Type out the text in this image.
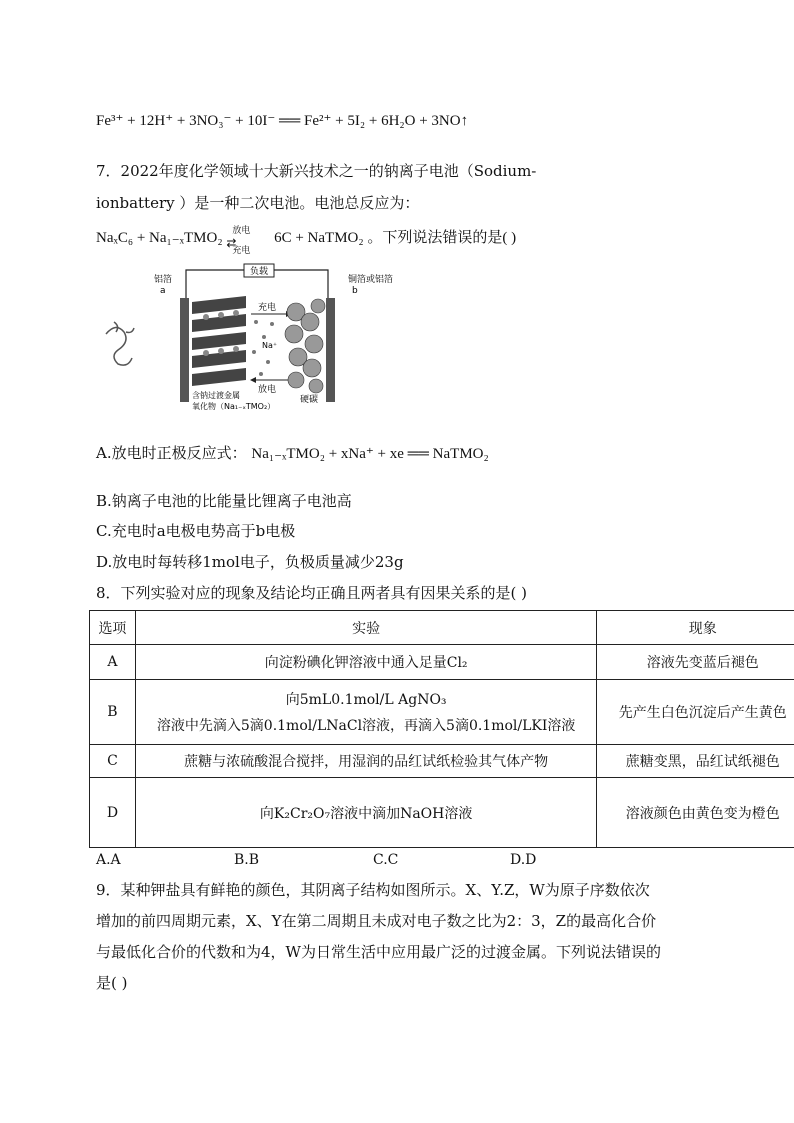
Fe³⁺ + 12H⁺ + 3NO₃⁻ + 10I⁻ ══ Fe²⁺ + 5I₂ + 6H₂O + 3NO↑
7．2022年度化学领域十大新兴技术之一的钠离子电池（Sodium-
ionbattery ）是一种二次电池。电池总反应为：
NaₓC₆ + Na₁₋ₓTMO₂ 放电
⇄
充电
6C + NaTMO₂ 。下列说法错误的是( )
负载
铝箔
a
铜箔或铝箔
b
Na⁺
充电
放电
含钠过渡金属
氧化物（Na₁₋ₓTMO₂）
硬碳
A.放电时正极反应式： Na₁₋ₓTMO₂ + xNa⁺ + xe ══ NaTMO₂
B.钠离子电池的比能量比锂离子电池高
C.充电时a电极电势高于b电极
D.放电时每转移1mol电子，负极质量减少23g
8．下列实验对应的现象及结论均正确且两者具有因果关系的是( )
选项	实验	现象
A	向淀粉碘化钾溶液中通入足量Cl₂	溶液先变蓝后褪色
B	向5mL0.1mol/L AgNO₃
溶液中先滴入5滴0.1mol/LNaCl溶液，再滴入5滴0.1mol/LKI溶液	先产生白色沉淀后产生黄色
C	蔗糖与浓硫酸混合搅拌，用湿润的品红试纸检验其气体产物	蔗糖变黑，品红试纸褪色
D	向K₂Cr₂O₇溶液中滴加NaOH溶液	溶液颜色由黄色变为橙色
A.A	B.B	C.C	D.D
9．某种钾盐具有鲜艳的颜色，其阴离子结构如图所示。X、Y.Z，W为原子序数依次
增加的前四周期元素，X、Y在第二周期且未成对电子数之比为2：3，Z的最高化合价
与最低化合价的代数和为4，W为日常生活中应用最广泛的过渡金属。下列说法错误的
是( )
